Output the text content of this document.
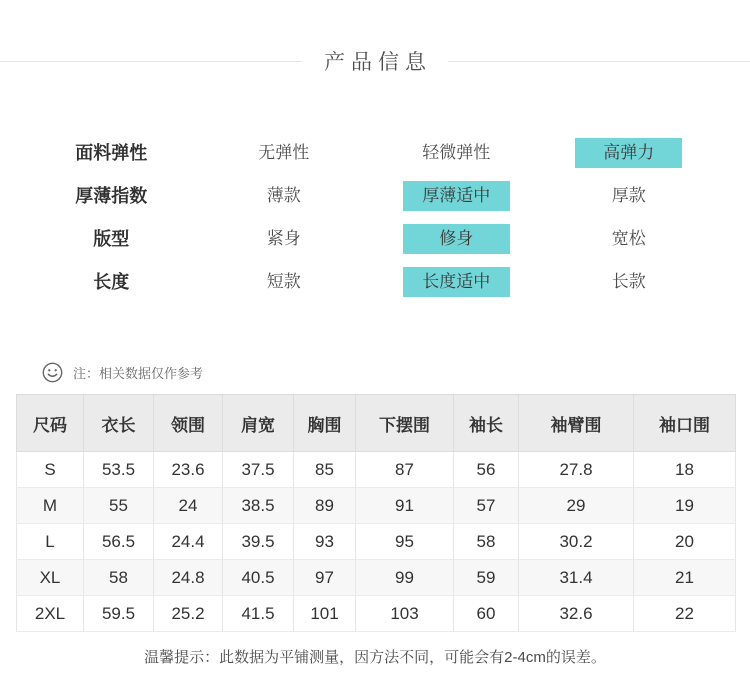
产品信息
面料弹性	无弹性	轻微弹性	高弹力
厚薄指数	薄款	厚薄适中	厚款
版型	紧身	修身	宽松
长度	短款	长度适中	长款
注：相关数据仅作参考
尺码	衣长	领围	肩宽	胸围	下摆围	袖长	袖臂围	袖口围
S	53.5	23.6	37.5	85	87	56	27.8	18
M	55	24	38.5	89	91	57	29	19
L	56.5	24.4	39.5	93	95	58	30.2	20
XL	58	24.8	40.5	97	99	59	31.4	21
2XL	59.5	25.2	41.5	101	103	60	32.6	22
温馨提示：此数据为平铺测量，因方法不同，可能会有2-4cm的误差。
